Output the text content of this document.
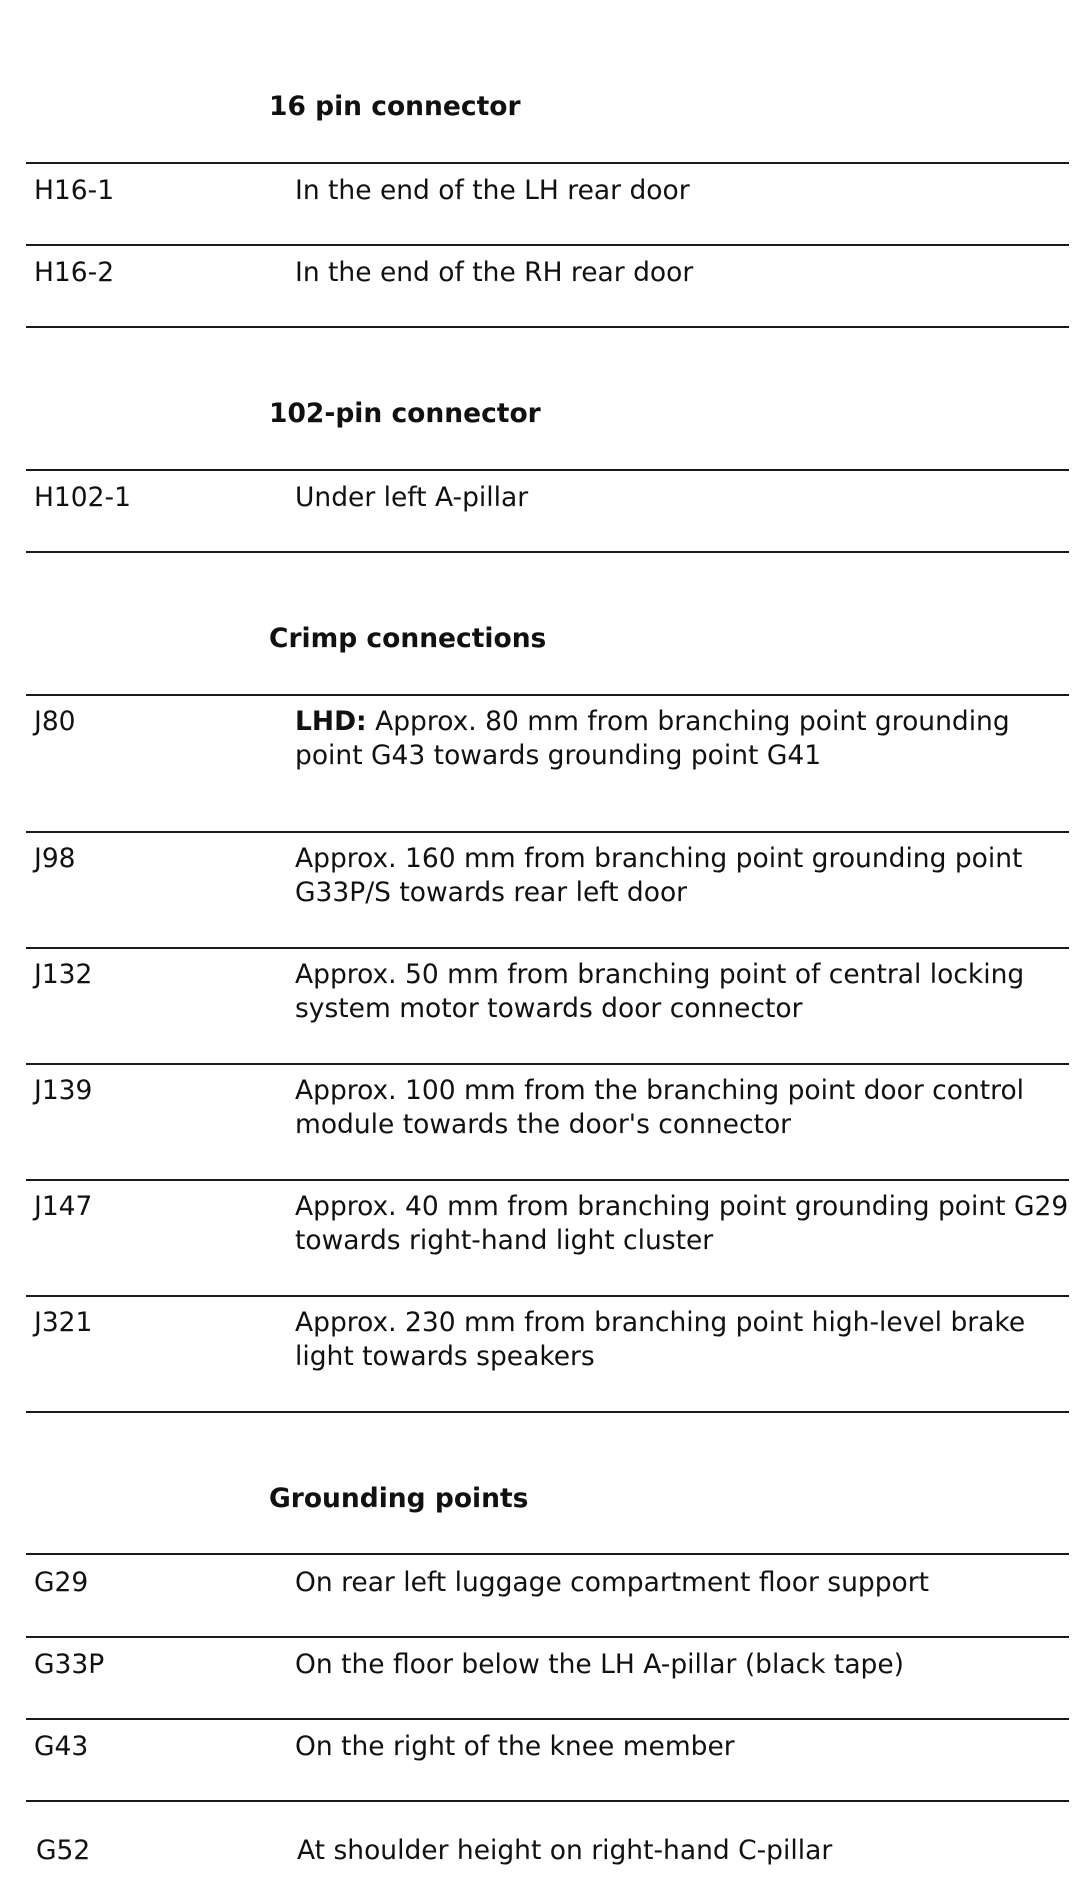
16 pin connector
H16-1	In the end of the LH rear door
H16-2	In the end of the RH rear door
102-pin connector
H102-1	Under left A-pillar
Crimp connections
J80	LHD: Approx. 80 mm from branching point grounding point G43 towards grounding point G41
J98	Approx. 160 mm from branching point grounding point G33P/S towards rear left door
J132	Approx. 50 mm from branching point of central locking system motor towards door connector
J139	Approx. 100 mm from the branching point door control module towards the door's connector
J147	Approx. 40 mm from branching point grounding point G29 towards right-hand light cluster
J321	Approx. 230 mm from branching point high-level brake light towards speakers
Grounding points
G29	On rear left luggage compartment floor support
G33P	On the floor below the LH A-pillar (black tape)
G43	On the right of the knee member
G52	At shoulder height on right-hand C-pillar
